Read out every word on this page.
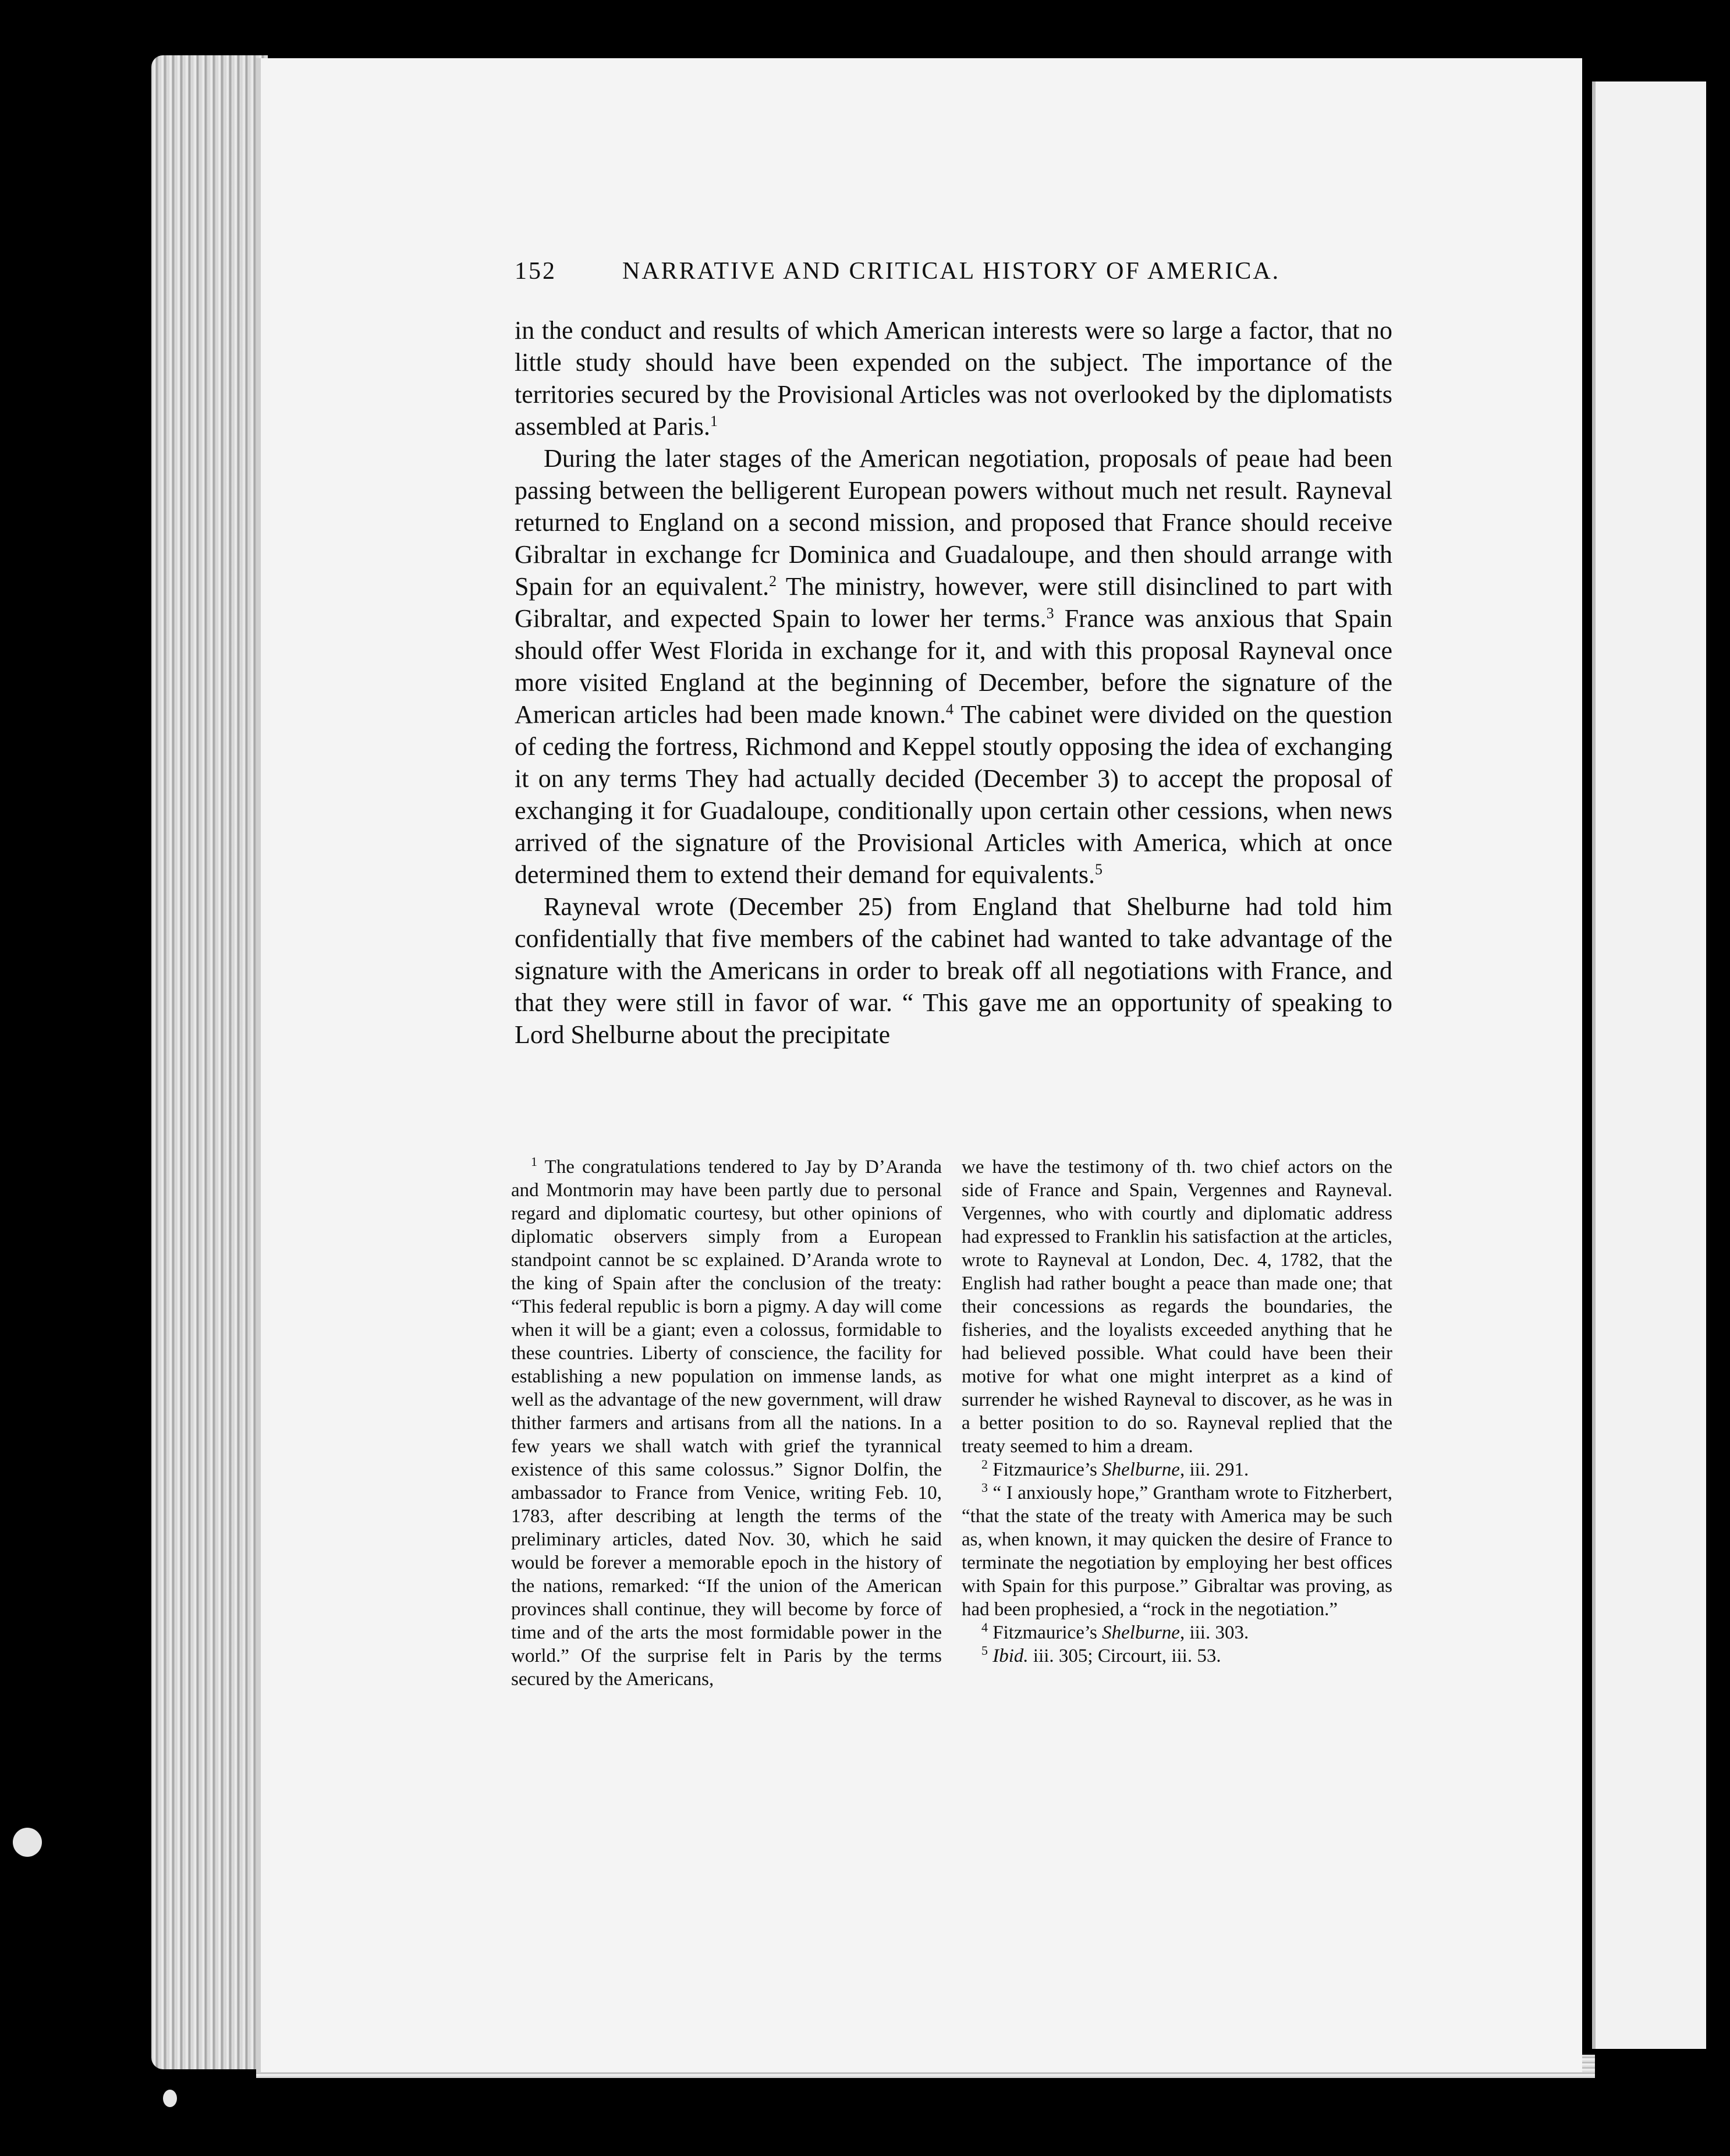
152	NARRATIVE AND CRITICAL HISTORY OF AMERICA.

in the conduct and results of which American interests were so large a factor, that no little study should have been expended on the subject. The importance of the territories secured by the Provisional Articles was not overlooked by the diplomatists assembled at Paris.$^1$

During the later stages of the American negotiation, proposals of peaιe had been passing between the belligerent European powers without much net result. Rayneval returned to England on a second mission, and proposed that France should receive Gibraltar in exchange fcr Dominica and Guadaloupe, and then should arrange with Spain for an equivalent.$^2$ The ministry, however, were still disinclined to part with Gibraltar, and expected Spain to lower her terms.$^3$ France was anxious that Spain should offer West Florida in exchange for it, and with this proposal Rayneval once more visited England at the beginning of December, before the signature of the American articles had been made known.$^4$ The cabinet were divided on the question of ceding the fortress, Richmond and Keppel stoutly opposing the idea of exchanging it on any terms They had actually decided (December 3) to accept the proposal of exchanging it for Guadaloupe, conditionally upon certain other cessions, when news arrived of the signature of the Provisional Articles with America, which at once determined them to extend their demand for equivalents.$^5$

Rayneval wrote (December 25) from England that Shelburne had told him confidentially that five members of the cabinet had wanted to take advantage of the signature with the Americans in order to break off all negotiations with France, and that they were still in favor of war. “ This gave me an opportunity of speaking to Lord Shelburne about the precipitate

$^1$ The congratulations tendered to Jay by D’Aranda and Montmorin may have been partly due to personal regard and diplomatic courtesy, but other opinions of diplomatic observers simply from a European standpoint cannot be sc explained. D’Aranda wrote to the king of Spain after the conclusion of the treaty: “This federal republic is born a pigmy. A day will come when it will be a giant; even a colossus, formidable to these countries. Liberty of conscience, the facility for establishing a new population on immense lands, as well as the advantage of the new government, will draw thither farmers and artisans from all the nations. In a few years we shall watch with grief the tyrannical existence of this same colossus.” Signor Dolfin, the ambassador to France from Venice, writing Feb. 10, 1783, after describing at length the terms of the preliminary articles, dated Nov. 30, which he said would be forever a memorable epoch in the history of the nations, remarked: “If the union of the American provinces shall continue, they will become by force of time and of the arts the most formidable power in the world.” Of the surprise felt in Paris by the terms secured by the Americans,

we have the testimony of th. two chief actors on the side of France and Spain, Vergennes and Rayneval. Vergennes, who with courtly and diplomatic address had expressed to Franklin his satisfaction at the articles, wrote to Rayneval at London, Dec. 4, 1782, that the English had rather bought a peace than made one; that their concessions as regards the boundaries, the fisheries, and the loyalists exceeded anything that he had believed possible. What could have been their motive for what one might interpret as a kind of surrender he wished Rayneval to discover, as he was in a better position to do so. Rayneval replied that the treaty seemed to him a dream.

$^2$ Fitzmaurice’s Shelburne, iii. 291.

$^3$ “ I anxiously hope,” Grantham wrote to Fitzherbert, “that the state of the treaty with America may be such as, when known, it may quicken the desire of France to terminate the negotiation by employing her best offices with Spain for this purpose.” Gibraltar was proving, as had been prophesied, a “rock in the negotiation.”

$^4$ Fitzmaurice’s Shelburne, iii. 303.

$^5$ Ibid. iii. 305; Circourt, iii. 53.
